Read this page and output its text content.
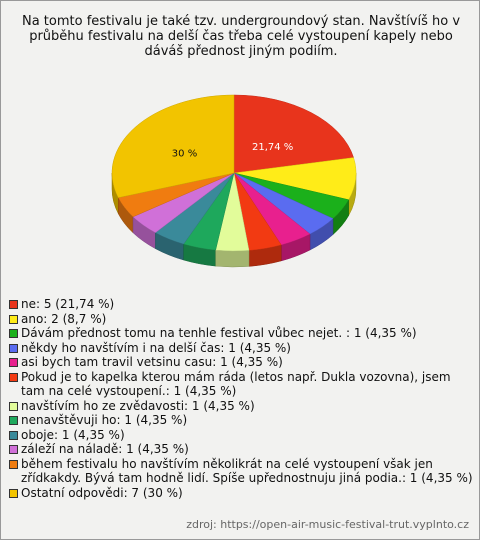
Na tomto festivalu je také tzv. undergroundový stan. Navštívíš ho v průběhu festivalu na delší čas třeba celé vystoupení kapely nebo dáváš přednost jiným podiím.

21,74 %
30 %
ne: 5 (21,74 %)
ano: 2 (8,7 %)
Dávám přednost tomu na tenhle festival vůbec nejet. : 1 (4,35 %)
někdy ho navštívím i na delší čas: 1 (4,35 %)
asi bych tam travil vetsinu casu: 1 (4,35 %)
Pokud je to kapelka kterou mám ráda (letos např. Dukla vozovna), jsem tam na celé vystoupení.: 1 (4,35 %)
navštívím ho ze zvědavosti: 1 (4,35 %)
nenavštěvuji ho: 1 (4,35 %)
oboje: 1 (4,35 %)
záleží na náladě: 1 (4,35 %)
během festivalu ho navštívím několikrát na celé vystoupení však jen zřídkakdy. Bývá tam hodně lidí. Spíše upřednostnuju jiná podia.: 1 (4,35 %)
Ostatní odpovědi: 7 (30 %)
zdroj: https://open-air-music-festival-trut.vyplnto.cz
